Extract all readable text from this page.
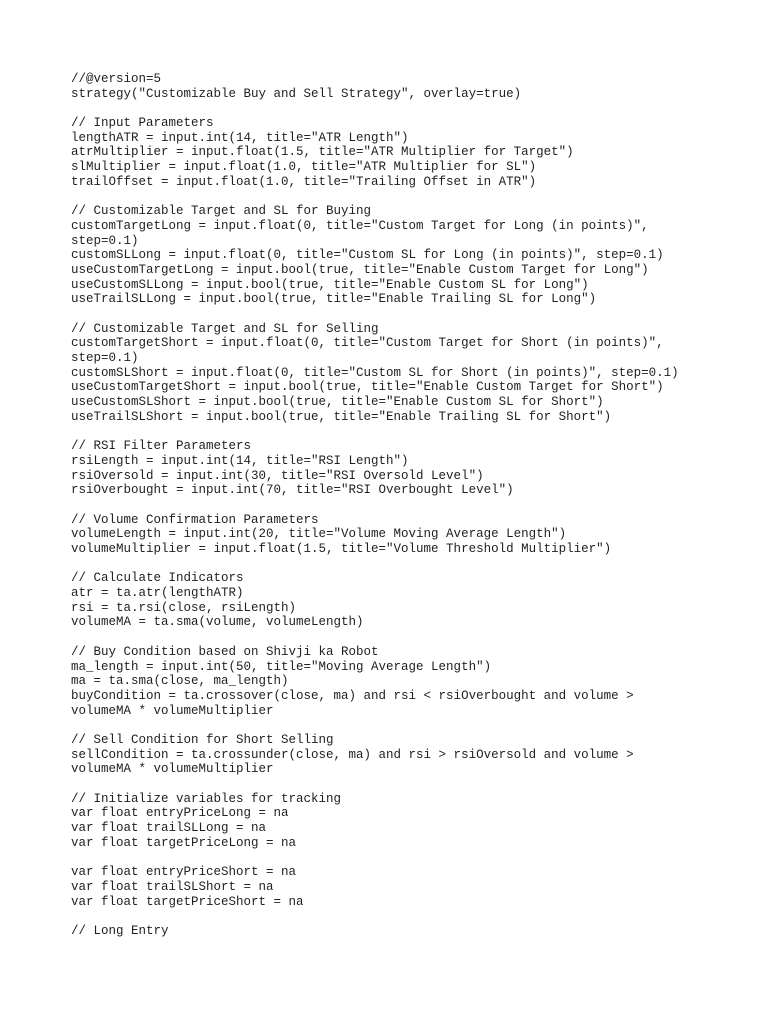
//@version=5
strategy("Customizable Buy and Sell Strategy", overlay=true)
// Input Parameters
lengthATR = input.int(14, title="ATR Length")
atrMultiplier = input.float(1.5, title="ATR Multiplier for Target")
slMultiplier = input.float(1.0, title="ATR Multiplier for SL")
trailOffset = input.float(1.0, title="Trailing Offset in ATR")
// Customizable Target and SL for Buying
customTargetLong = input.float(0, title="Custom Target for Long (in points)",
step=0.1)
customSLLong = input.float(0, title="Custom SL for Long (in points)", step=0.1)
useCustomTargetLong = input.bool(true, title="Enable Custom Target for Long")
useCustomSLLong = input.bool(true, title="Enable Custom SL for Long")
useTrailSLLong = input.bool(true, title="Enable Trailing SL for Long")
// Customizable Target and SL for Selling
customTargetShort = input.float(0, title="Custom Target for Short (in points)",
step=0.1)
customSLShort = input.float(0, title="Custom SL for Short (in points)", step=0.1)
useCustomTargetShort = input.bool(true, title="Enable Custom Target for Short")
useCustomSLShort = input.bool(true, title="Enable Custom SL for Short")
useTrailSLShort = input.bool(true, title="Enable Trailing SL for Short")
// RSI Filter Parameters
rsiLength = input.int(14, title="RSI Length")
rsiOversold = input.int(30, title="RSI Oversold Level")
rsiOverbought = input.int(70, title="RSI Overbought Level")
// Volume Confirmation Parameters
volumeLength = input.int(20, title="Volume Moving Average Length")
volumeMultiplier = input.float(1.5, title="Volume Threshold Multiplier")
// Calculate Indicators
atr = ta.atr(lengthATR)
rsi = ta.rsi(close, rsiLength)
volumeMA = ta.sma(volume, volumeLength)
// Buy Condition based on Shivji ka Robot
ma_length = input.int(50, title="Moving Average Length")
ma = ta.sma(close, ma_length)
buyCondition = ta.crossover(close, ma) and rsi < rsiOverbought and volume >
volumeMA * volumeMultiplier
// Sell Condition for Short Selling
sellCondition = ta.crossunder(close, ma) and rsi > rsiOversold and volume >
volumeMA * volumeMultiplier
// Initialize variables for tracking
var float entryPriceLong = na
var float trailSLLong = na
var float targetPriceLong = na
var float entryPriceShort = na
var float trailSLShort = na
var float targetPriceShort = na
// Long Entry
